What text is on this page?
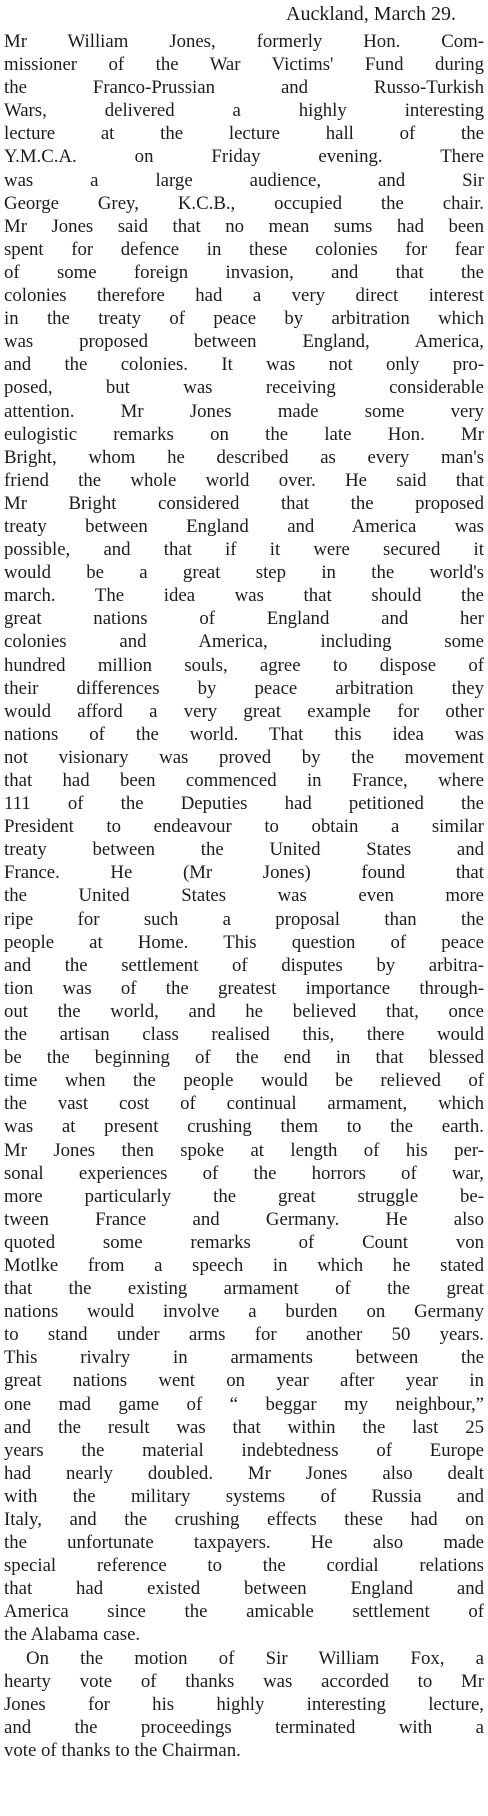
Auckland, March 29.
Mr William Jones, formerly Hon. Com-
missioner of the War Victims' Fund during
the Franco-Prussian and Russo-Turkish
Wars, delivered a highly interesting
lecture at the lecture hall of the
Y.M.C.A. on Friday evening. There
was a large audience, and Sir
George Grey, K.C.B., occupied the chair.
Mr Jones said that no mean sums had been
spent for defence in these colonies for fear
of some foreign invasion, and that the
colonies therefore had a very direct interest
in the treaty of peace by arbitration which
was proposed between England, America,
and the colonies. It was not only pro-
posed, but was receiving considerable
attention. Mr Jones made some very
eulogistic remarks on the late Hon. Mr
Bright, whom he described as every man's
friend the whole world over. He said that
Mr Bright considered that the proposed
treaty between England and America was
possible, and that if it were secured it
would be a great step in the world's
march. The idea was that should the
great nations of England and her
colonies and America, including some
hundred million souls, agree to dispose of
their differences by peace arbitration they
would afford a very great example for other
nations of the world. That this idea was
not visionary was proved by the movement
that had been commenced in France, where
111 of the Deputies had petitioned the
President to endeavour to obtain a similar
treaty between the United States and
France. He (Mr Jones) found that
the United States was even more
ripe for such a proposal than the
people at Home. This question of peace
and the settlement of disputes by arbitra-
tion was of the greatest importance through-
out the world, and he believed that, once
the artisan class realised this, there would
be the beginning of the end in that blessed
time when the people would be relieved of
the vast cost of continual armament, which
was at present crushing them to the earth.
Mr Jones then spoke at length of his per-
sonal experiences of the horrors of war,
more particularly the great struggle be-
tween France and Germany. He also
quoted some remarks of Count von
Motlke from a speech in which he stated
that the existing armament of the great
nations would involve a burden on Germany
to stand under arms for another 50 years.
This rivalry in armaments between the
great nations went on year after year in
one mad game of “ beggar my neighbour,”
and the result was that within the last 25
years the material indebtedness of Europe
had nearly doubled. Mr Jones also dealt
with the military systems of Russia and
Italy, and the crushing effects these had on
the unfortunate taxpayers. He also made
special reference to the cordial relations
that had existed between England and
America since the amicable settlement of
the Alabama case.
On the motion of Sir William Fox, a
hearty vote of thanks was accorded to Mr
Jones for his highly interesting lecture,
and the proceedings terminated with a
vote of thanks to the Chairman.
